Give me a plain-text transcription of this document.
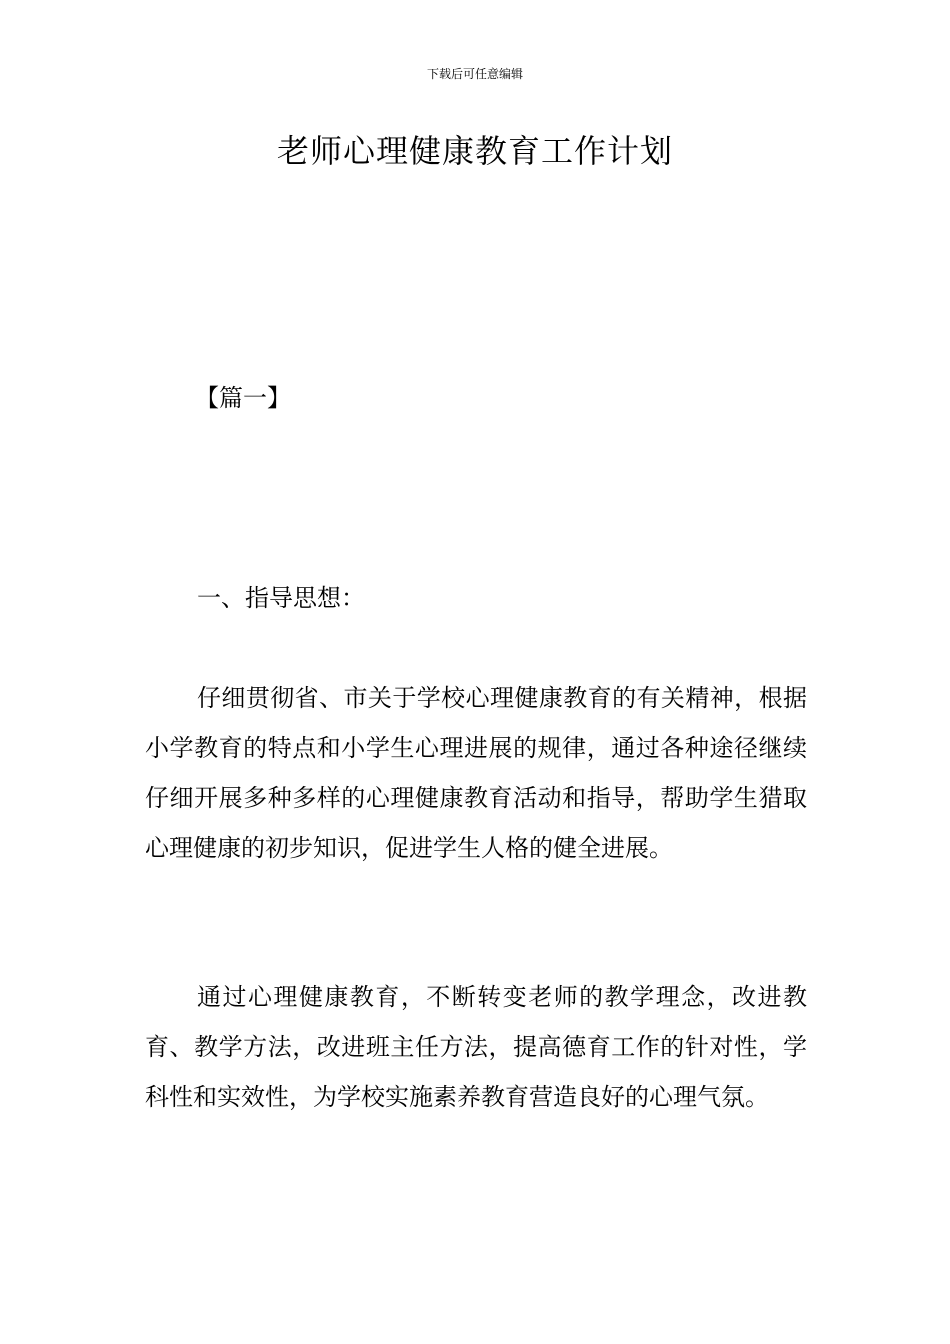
下载后可任意编辑
老师心理健康教育工作计划
【篇一】
一、指导思想：

仔细贯彻省、市关于学校心理健康教育的有关精神，根据小学教育的特点和小学生心理进展的规律，通过各种途径继续仔细开展多种多样的心理健康教育活动和指导，帮助学生猎取心理健康的初步知识，促进学生人格的健全进展。

通过心理健康教育，不断转变老师的教学理念，改进教育、教学方法，改进班主任方法，提高德育工作的针对性，学科性和实效性，为学校实施素养教育营造良好的心理气氛。
